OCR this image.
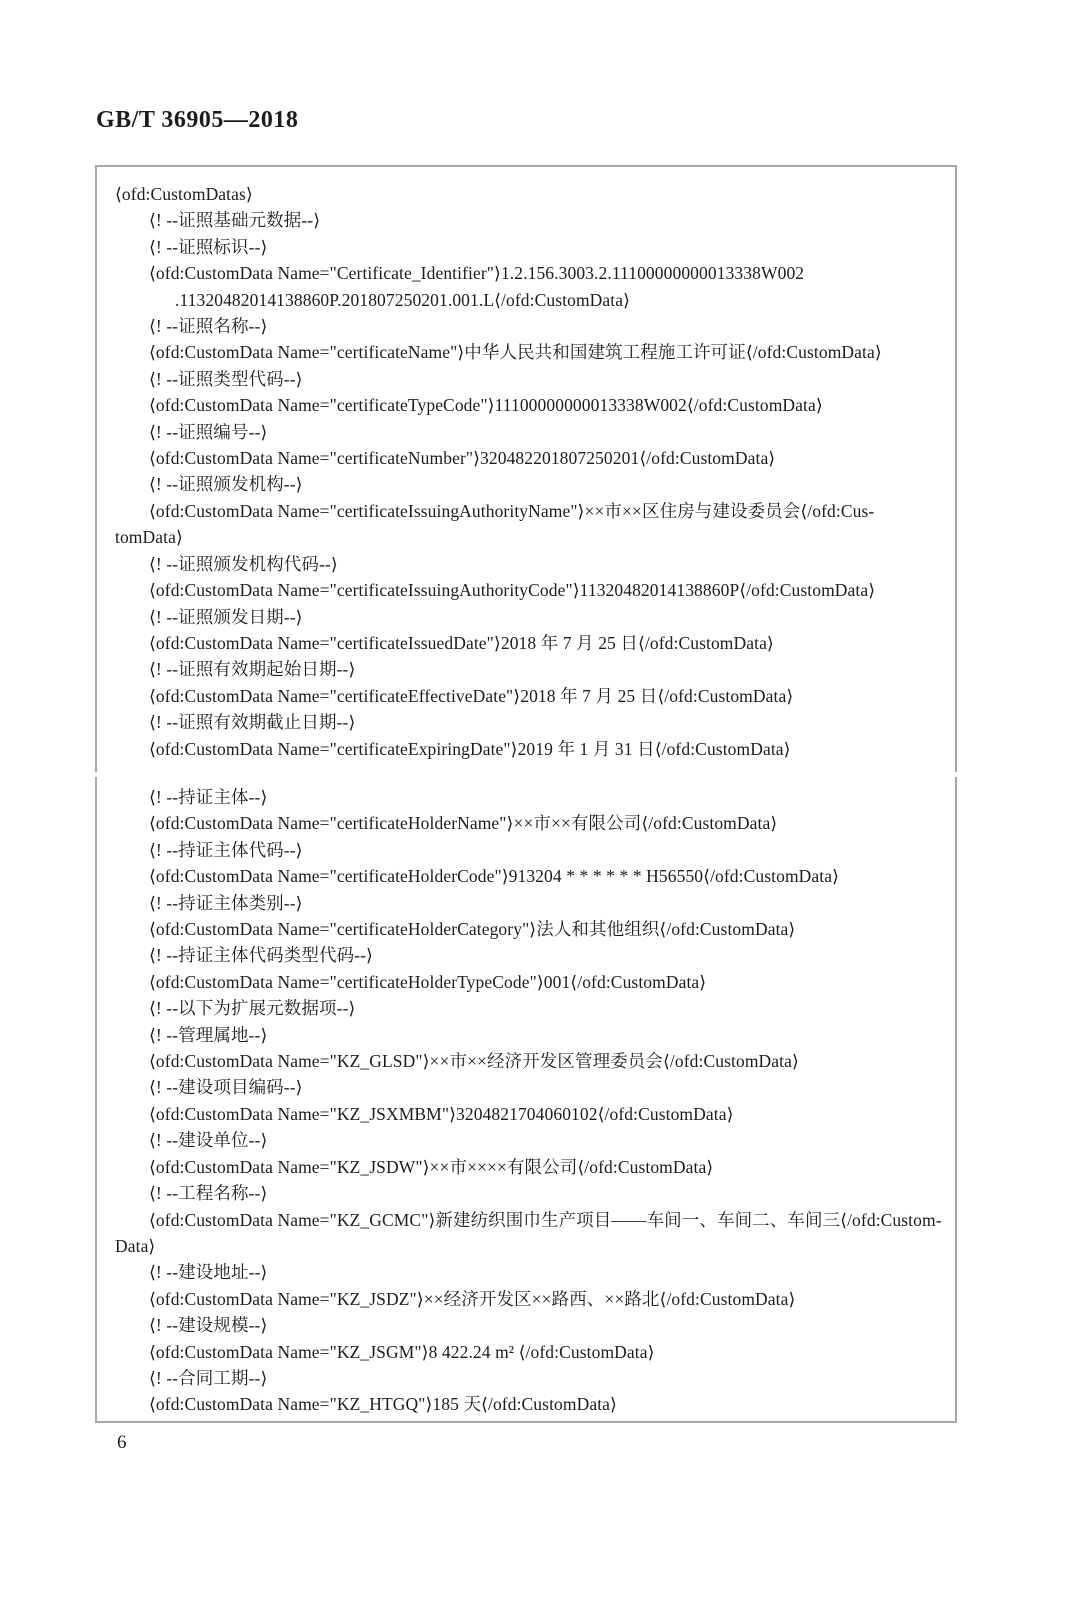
GB/T 36905—2018
⟨ofd:CustomDatas⟩
⟨! --证照基础元数据--⟩
⟨! --证照标识--⟩
⟨ofd:CustomData Name="Certificate_Identifier"⟩1.2.156.3003.2.11100000000013338W002
.11320482014138860P.201807250201.001.L⟨/ofd:CustomData⟩
⟨! --证照名称--⟩
⟨ofd:CustomData Name="certificateName"⟩中华人民共和国建筑工程施工许可证⟨/ofd:CustomData⟩
⟨! --证照类型代码--⟩
⟨ofd:CustomData Name="certificateTypeCode"⟩11100000000013338W002⟨/ofd:CustomData⟩
⟨! --证照编号--⟩
⟨ofd:CustomData Name="certificateNumber"⟩320482201807250201⟨/ofd:CustomData⟩
⟨! --证照颁发机构--⟩
⟨ofd:CustomData Name="certificateIssuingAuthorityName"⟩××市××区住房与建设委员会⟨/ofd:Cus-
tomData⟩
⟨! --证照颁发机构代码--⟩
⟨ofd:CustomData Name="certificateIssuingAuthorityCode"⟩11320482014138860P⟨/ofd:CustomData⟩
⟨! --证照颁发日期--⟩
⟨ofd:CustomData Name="certificateIssuedDate"⟩2018 年 7 月 25 日⟨/ofd:CustomData⟩
⟨! --证照有效期起始日期--⟩
⟨ofd:CustomData Name="certificateEffectiveDate"⟩2018 年 7 月 25 日⟨/ofd:CustomData⟩
⟨! --证照有效期截止日期--⟩
⟨ofd:CustomData Name="certificateExpiringDate"⟩2019 年 1 月 31 日⟨/ofd:CustomData⟩
⟨! --持证主体--⟩
⟨ofd:CustomData Name="certificateHolderName"⟩××市××有限公司⟨/ofd:CustomData⟩
⟨! --持证主体代码--⟩
⟨ofd:CustomData Name="certificateHolderCode"⟩913204 * * * * * * H56550⟨/ofd:CustomData⟩
⟨! --持证主体类别--⟩
⟨ofd:CustomData Name="certificateHolderCategory"⟩法人和其他组织⟨/ofd:CustomData⟩
⟨! --持证主体代码类型代码--⟩
⟨ofd:CustomData Name="certificateHolderTypeCode"⟩001⟨/ofd:CustomData⟩
⟨! --以下为扩展元数据项--⟩
⟨! --管理属地--⟩
⟨ofd:CustomData Name="KZ_GLSD"⟩××市××经济开发区管理委员会⟨/ofd:CustomData⟩
⟨! --建设项目编码--⟩
⟨ofd:CustomData Name="KZ_JSXMBM"⟩3204821704060102⟨/ofd:CustomData⟩
⟨! --建设单位--⟩
⟨ofd:CustomData Name="KZ_JSDW"⟩××市××××有限公司⟨/ofd:CustomData⟩
⟨! --工程名称--⟩
⟨ofd:CustomData Name="KZ_GCMC"⟩新建纺织围巾生产项目——车间一、车间二、车间三⟨/ofd:Custom-
Data⟩
⟨! --建设地址--⟩
⟨ofd:CustomData Name="KZ_JSDZ"⟩××经济开发区××路西、××路北⟨/ofd:CustomData⟩
⟨! --建设规模--⟩
⟨ofd:CustomData Name="KZ_JSGM"⟩8 422.24 m² ⟨/ofd:CustomData⟩
⟨! --合同工期--⟩
⟨ofd:CustomData Name="KZ_HTGQ"⟩185 天⟨/ofd:CustomData⟩
6
